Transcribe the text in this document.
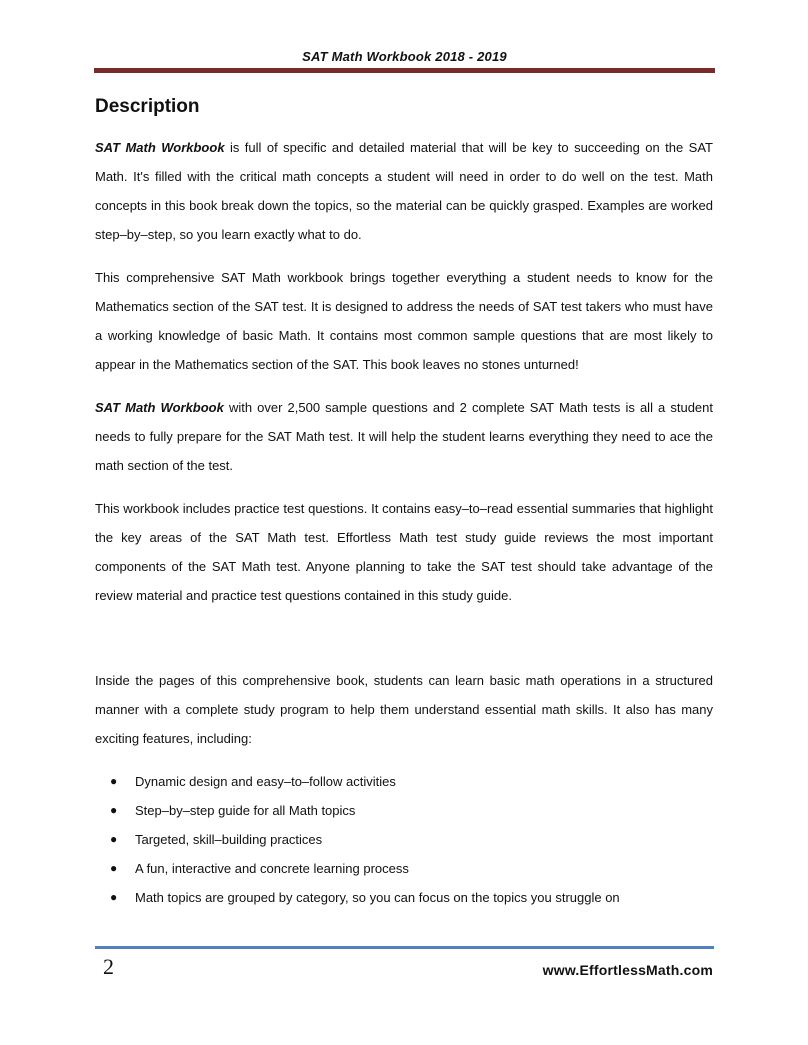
SAT Math Workbook 2018 - 2019
Description

SAT Math Workbook is full of specific and detailed material that will be key to succeeding on the SAT Math. It's filled with the critical math concepts a student will need in order to do well on the test. Math concepts in this book break down the topics, so the material can be quickly grasped. Examples are worked step–by–step, so you learn exactly what to do.

This comprehensive SAT Math workbook brings together everything a student needs to know for the Mathematics section of the SAT test. It is designed to address the needs of SAT test takers who must have a working knowledge of basic Math. It contains most common sample questions that are most likely to appear in the Mathematics section of the SAT. This book leaves no stones unturned!

SAT Math Workbook with over 2,500 sample questions and 2 complete SAT Math tests is all a student needs to fully prepare for the SAT Math test. It will help the student learns everything they need to ace the math section of the test.

This workbook includes practice test questions. It contains easy–to–read essential summaries that highlight the key areas of the SAT Math test. Effortless Math test study guide reviews the most important components of the SAT Math test. Anyone planning to take the SAT test should take advantage of the review material and practice test questions contained in this study guide.

Inside the pages of this comprehensive book, students can learn basic math operations in a structured manner with a complete study program to help them understand essential math skills. It also has many exciting features, including:

● Dynamic design and easy–to–follow activities
● Step–by–step guide for all Math topics
● Targeted, skill–building practices
● A fun, interactive and concrete learning process
● Math topics are grouped by category, so you can focus on the topics you struggle on
2	www.EffortlessMath.com
